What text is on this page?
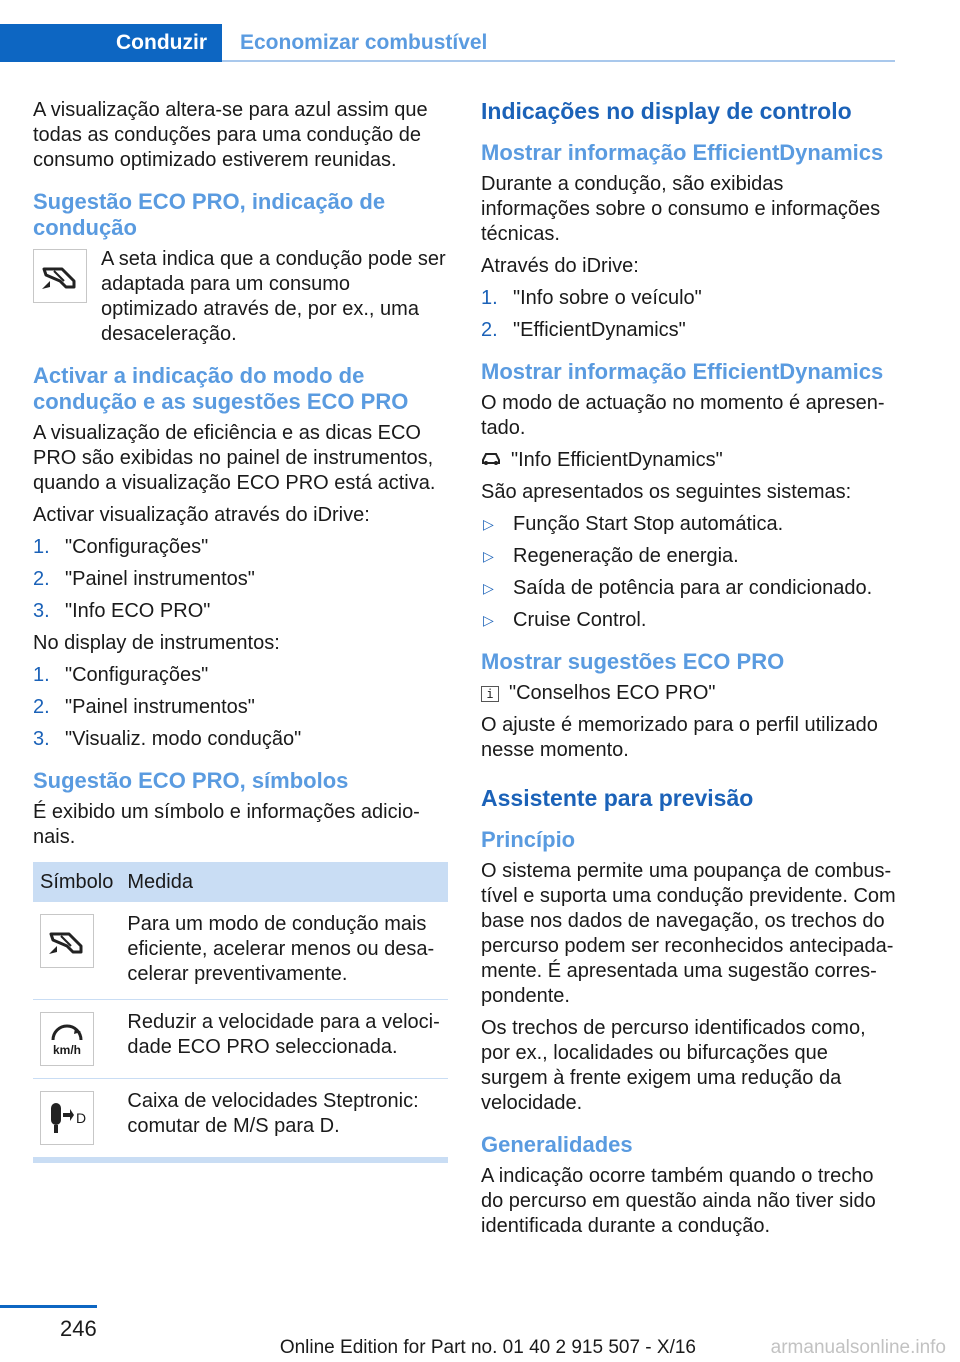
Conduzir	Economizar combustível

A visualização altera-se para azul assim que todas as conduções para uma condução de consumo optimizado estiverem reunidas.

Sugestão ECO PRO, indicação de condução
A seta indica que a condução pode ser adaptada para um consumo optimizado através de, por ex., uma desaceleração.
Activar a indicação do modo de condução e as sugestões ECO PRO

A visualização de eficiência e as dicas ECO PRO são exibidas no painel de instrumentos, quando a visualização ECO PRO está activa.

Activar visualização através do iDrive:

1. "Configurações"
2. "Painel instrumentos"
3. "Info ECO PRO"

No display de instrumentos:

1. "Configurações"
2. "Painel instrumentos"
3. "Visualiz. modo condução"
Sugestão ECO PRO, símbolos

É exibido um símbolo e informações adicio‐nais.

Símbolo	Medida

	Para um modo de condução mais eficiente, acelerar menos ou desa‐celerar preventivamente.

km/h	Reduzir a velocidade para a veloci‐dade ECO PRO seleccionada.

D	Caixa de velocidades Steptronic: comutar de M/S para D.
Indicações no display de controlo
Mostrar informação EfficientDynamics

Durante a condução, são exibidas informações sobre o consumo e informações técnicas.

Através do iDrive:

1. "Info sobre o veículo"
2. "EfficientDynamics"
Mostrar informação EfficientDynamics

O modo de actuação no momento é apresen‐tado.

"Info EfficientDynamics"

São apresentados os seguintes sistemas:

▷ Função Start Stop automática.
▷ Regeneração de energia.
▷ Saída de potência para ar condicionado.
▷ Cruise Control.
Mostrar sugestões ECO PRO
i "Conselhos ECO PRO"

O ajuste é memorizado para o perfil utilizado nesse momento.

Assistente para previsão
Princípio

O sistema permite uma poupança de combus‐tível e suporta uma condução previdente. Com base nos dados de navegação, os trechos do percurso podem ser reconhecidos antecipada‐mente. É apresentada uma sugestão corres‐pondente.

Os trechos de percurso identificados como, por ex., localidades ou bifurcações que surgem à frente exigem uma redução da velocidade.

Generalidades

A indicação ocorre também quando o trecho do percurso em questão ainda não tiver sido identificada durante a condução.

246
Online Edition for Part no. 01 40 2 915 507 - X/16	armanualsonline.info
